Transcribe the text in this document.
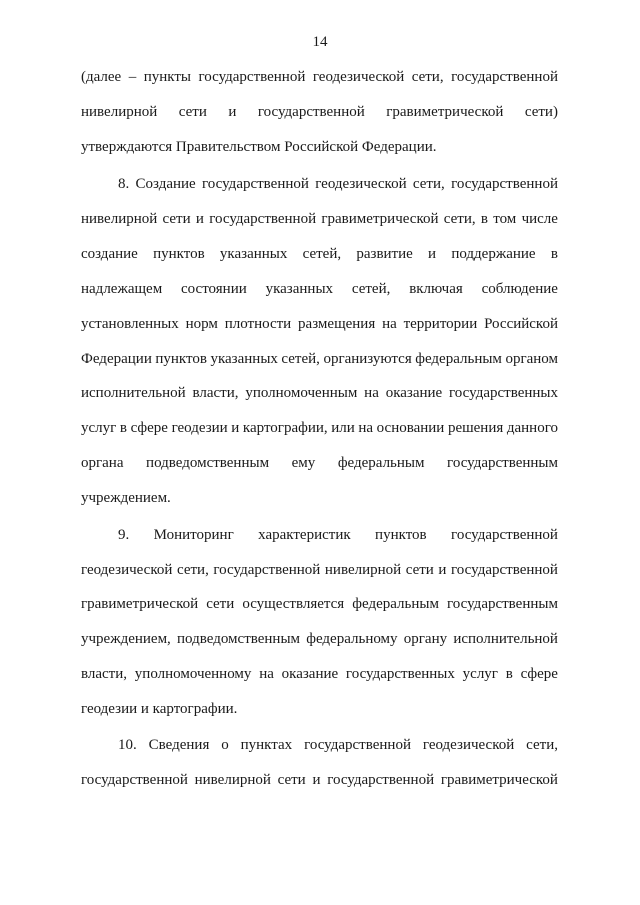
14
(далее – пункты государственной геодезической сети, государственной
нивелирной сети и государственной гравиметрической сети)
утверждаются Правительством Российской Федерации.
8. Создание государственной геодезической сети, государственной
нивелирной сети и государственной гравиметрической сети, в том числе
создание пунктов указанных сетей, развитие и поддержание в
надлежащем состоянии указанных сетей, включая соблюдение
установленных норм плотности размещения на территории Российской
Федерации пунктов указанных сетей, организуются федеральным органом
исполнительной власти, уполномоченным на оказание государственных
услуг в сфере геодезии и картографии, или на основании решения данного
органа подведомственным ему федеральным государственным
учреждением.
9. Мониторинг характеристик пунктов государственной
геодезической сети, государственной нивелирной сети и государственной
гравиметрической сети осуществляется федеральным государственным
учреждением, подведомственным федеральному органу исполнительной
власти, уполномоченному на оказание государственных услуг в сфере
геодезии и картографии.
10. Сведения о пунктах государственной геодезической сети,
государственной нивелирной сети и государственной гравиметрической
